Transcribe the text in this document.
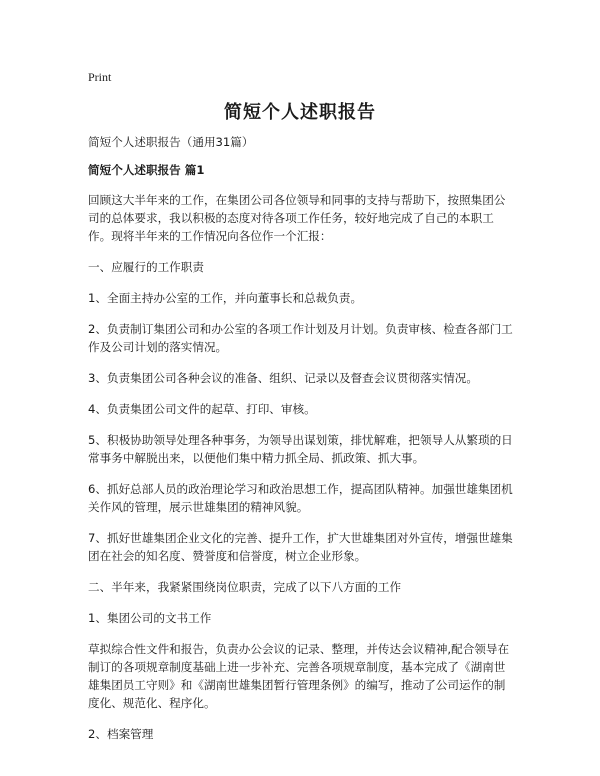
Print
简短个人述职报告

简短个人述职报告（通用31篇）

简短个人述职报告 篇1

回顾这大半年来的工作，在集团公司各位领导和同事的支持与帮助下，按照集团公司的总体要求，我以积极的态度对待各项工作任务，较好地完成了自己的本职工作。现将半年来的工作情况向各位作一个汇报：

一、应履行的工作职责

1、全面主持办公室的工作，并向董事长和总裁负责。

2、负责制订集团公司和办公室的各项工作计划及月计划。负责审核、检查各部门工作及公司计划的落实情况。

3、负责集团公司各种会议的准备、组织、记录以及督查会议贯彻落实情况。

4、负责集团公司文件的起草、打印、审核。

5、积极协助领导处理各种事务，为领导出谋划策，排忧解难，把领导人从繁琐的日常事务中解脱出来，以便他们集中精力抓全局、抓政策、抓大事。

6、抓好总部人员的政治理论学习和政治思想工作，提高团队精神。加强世雄集团机关作风的管理，展示世雄集团的精神风貌。

7、抓好世雄集团企业文化的完善、提升工作，扩大世雄集团对外宣传，增强世雄集团在社会的知名度、赞誉度和信誉度，树立企业形象。

二、半年来，我紧紧围绕岗位职责，完成了以下八方面的工作

1、集团公司的文书工作

草拟综合性文件和报告，负责办公会议的记录、整理，并传达会议精神,配合领导在制订的各项规章制度基础上进一步补充、完善各项规章制度，基本完成了《湖南世雄集团员工守则》和《湖南世雄集团暂行管理条例》的编写，推动了公司运作的制度化、规范化、程序化。

2、档案管理
